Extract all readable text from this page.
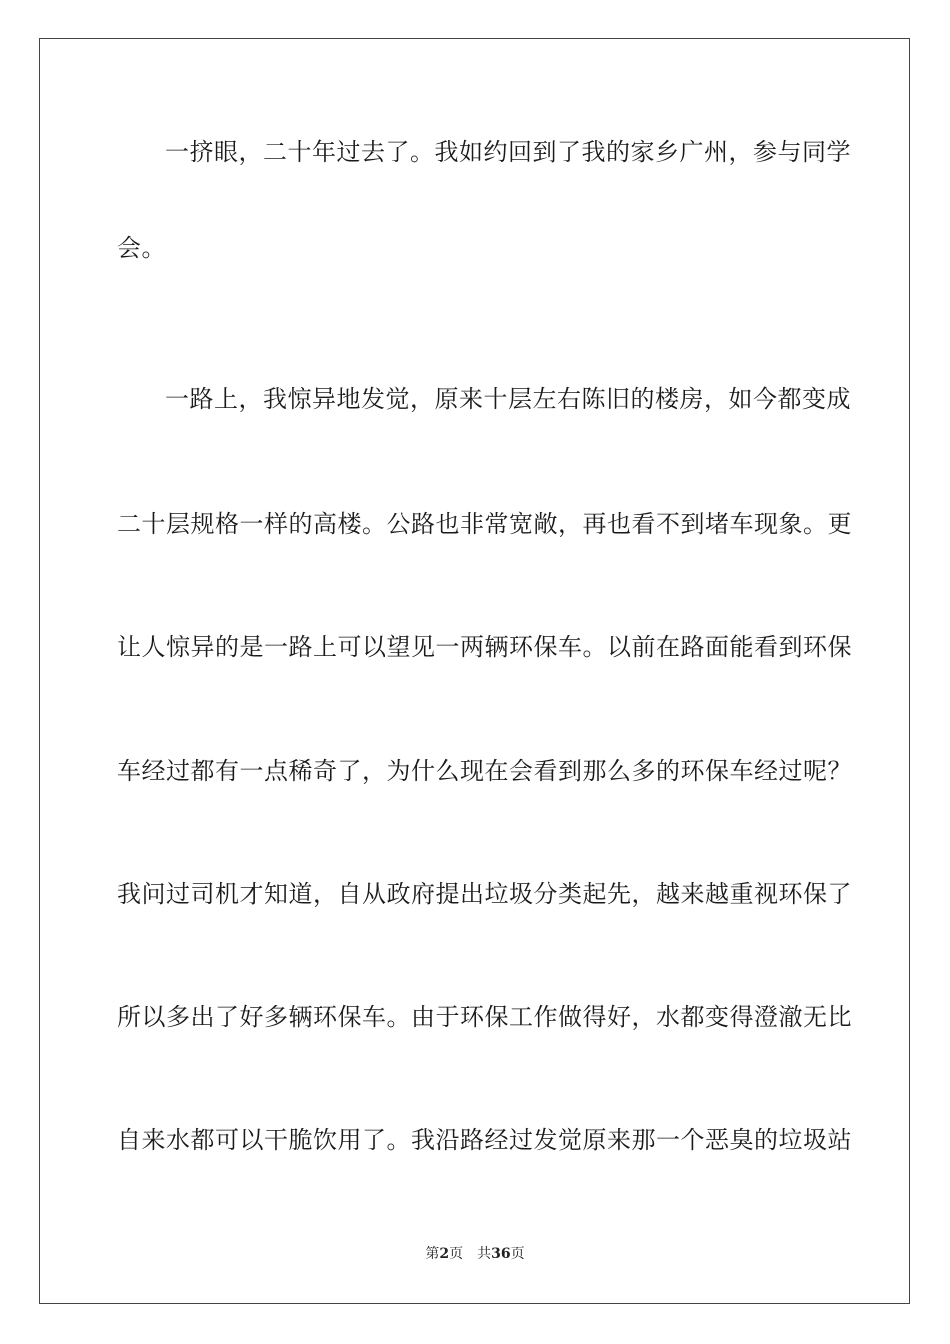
一挤眼，二十年过去了。我如约回到了我的家乡广州，参与同学
会。
一路上，我惊异地发觉，原来十层左右陈旧的楼房，如今都变成
二十层规格一样的高楼。公路也非常宽敞，再也看不到堵车现象。更
让人惊异的是一路上可以望见一两辆环保车。以前在路面能看到环保
车经过都有一点稀奇了，为什么现在会看到那么多的环保车经过呢？
我问过司机才知道，自从政府提出垃圾分类起先，越来越重视环保了
所以多出了好多辆环保车。由于环保工作做得好，水都变得澄澈无比
自来水都可以干脆饮用了。我沿路经过发觉原来那一个恶臭的垃圾站
第2页 共36页
